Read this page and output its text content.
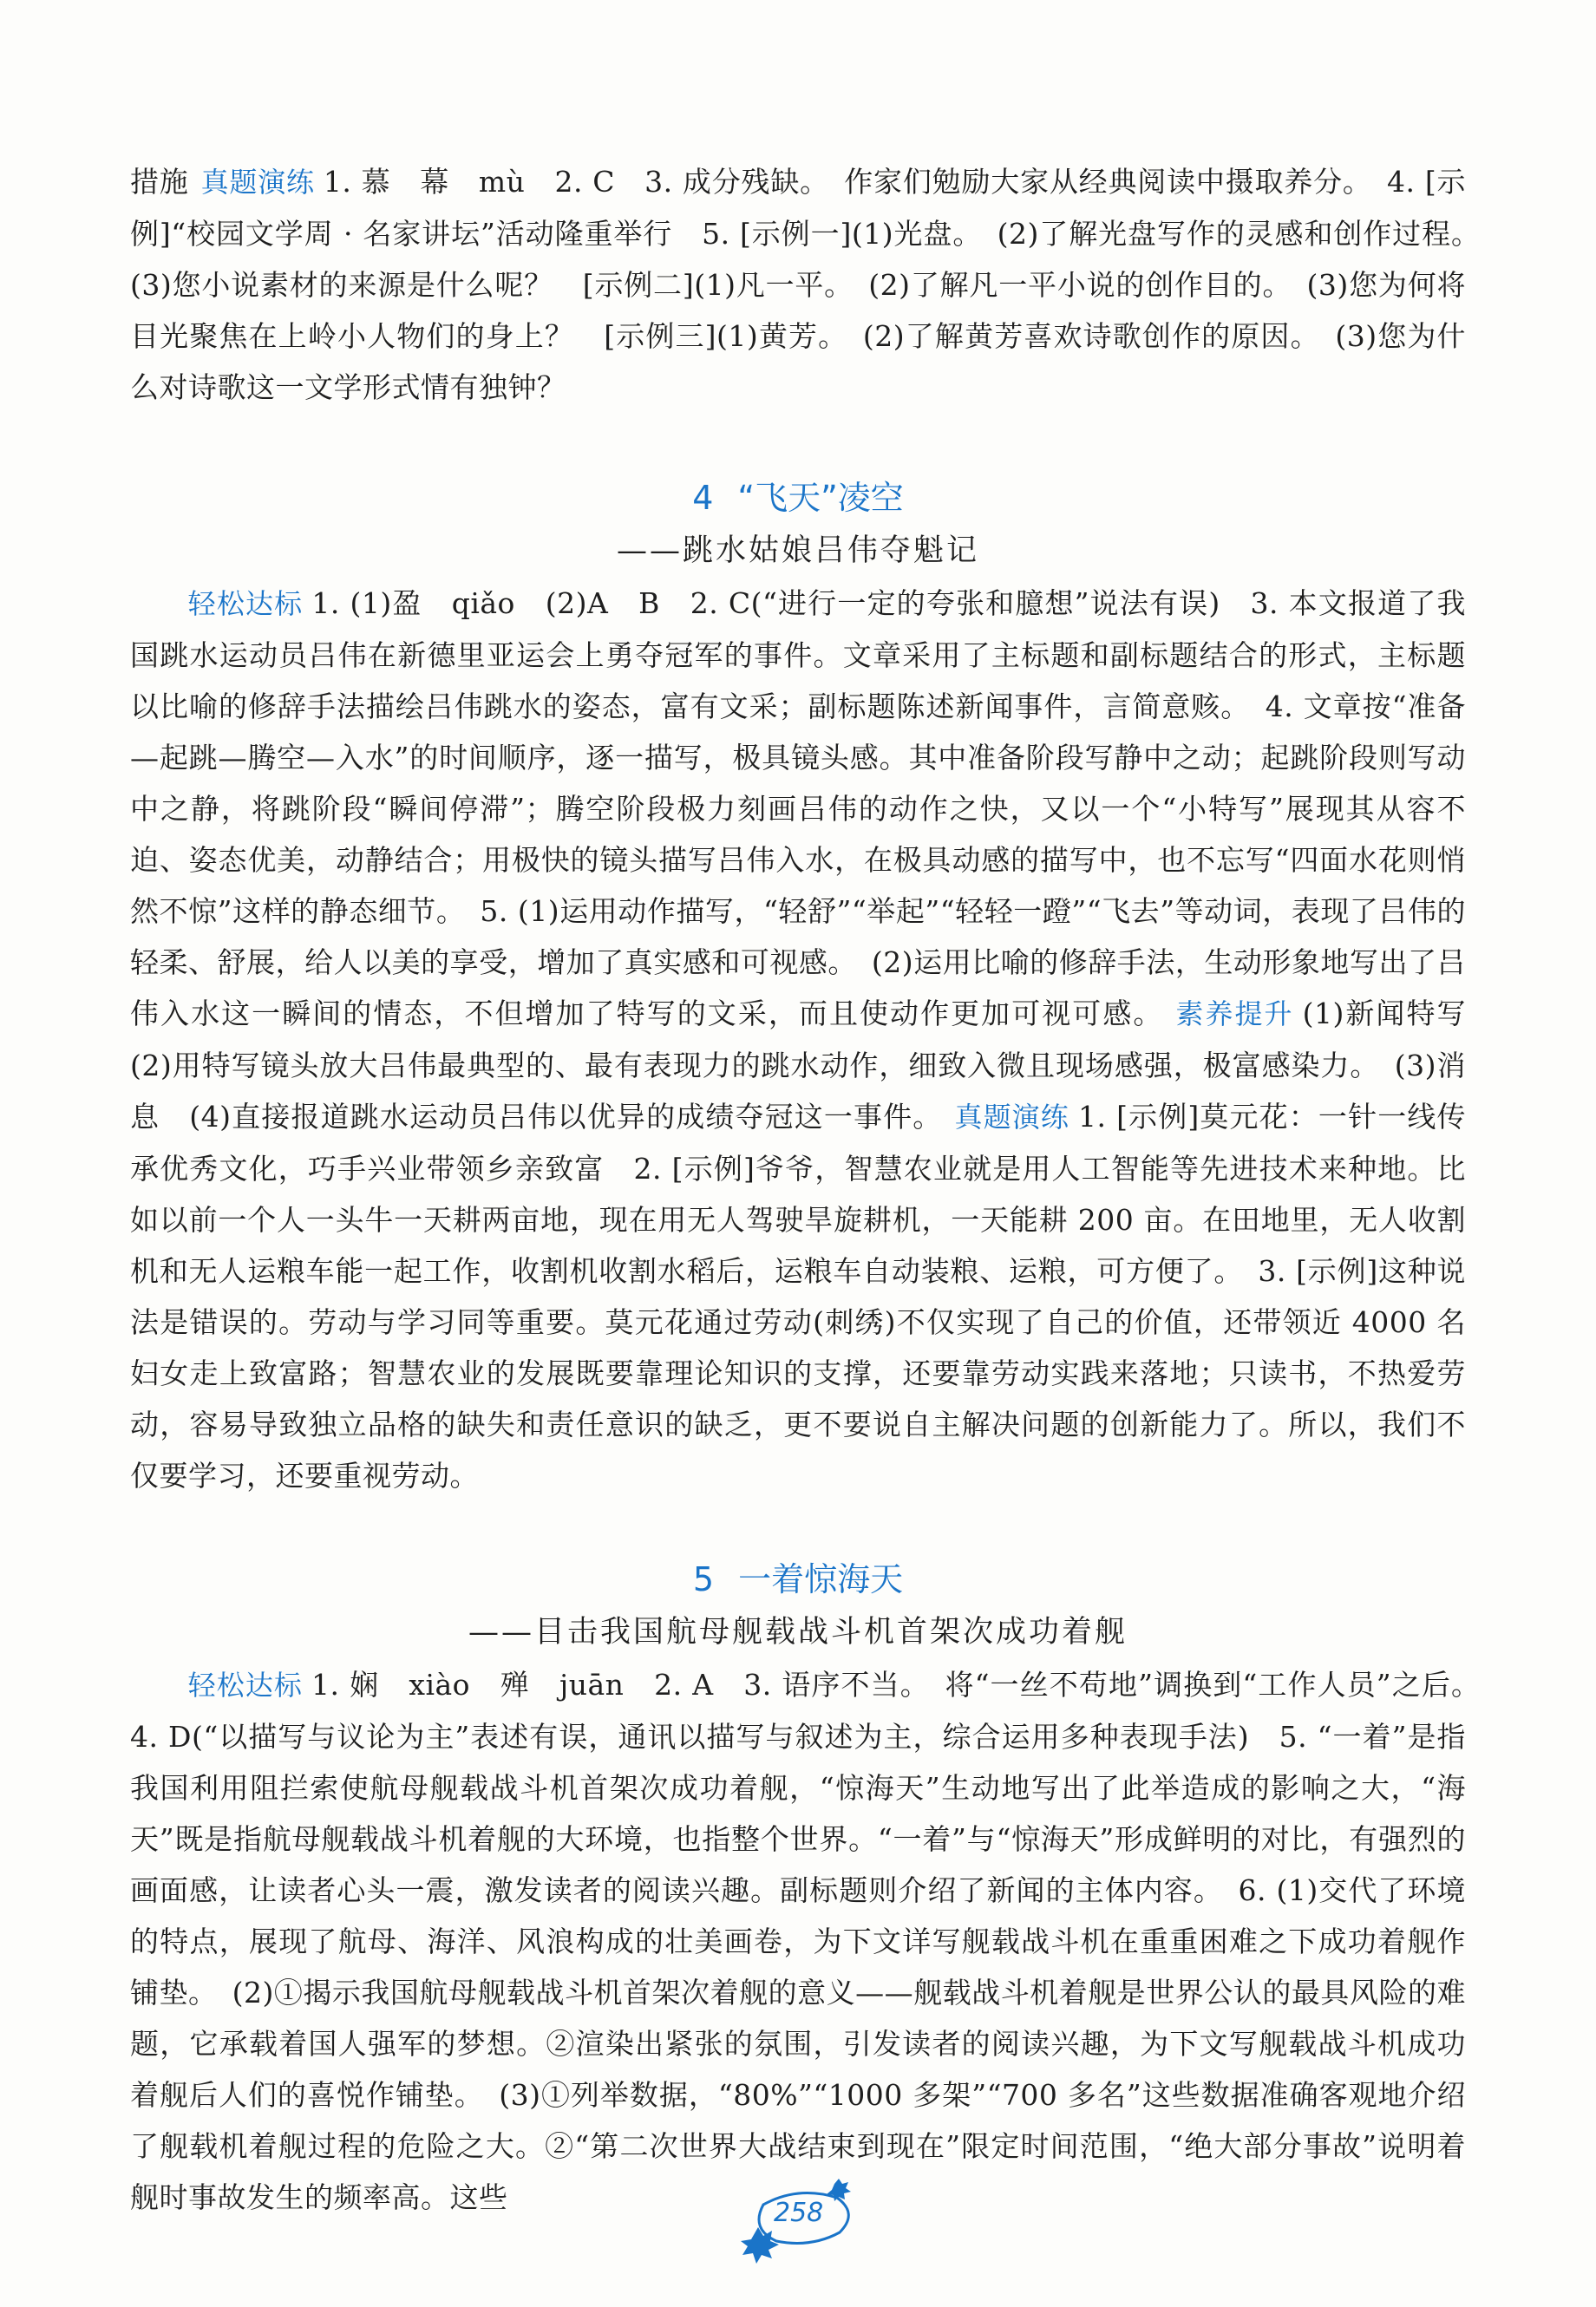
措施 真题演练 1. 慕　幕　mù　2. C　3. 成分残缺。　作家们勉励大家从经典阅读中摄取养分。　4. [示例]“校园文学周 · 名家讲坛”活动隆重举行　5. [示例一](1)光盘。　(2)了解光盘写作的灵感和创作过程。　(3)您小说素材的来源是什么呢？　[示例二](1)凡一平。　(2)了解凡一平小说的创作目的。　(3)您为何将目光聚焦在上岭小人物们的身上？　[示例三](1)黄芳。　(2)了解黄芳喜欢诗歌创作的原因。　(3)您为什么对诗歌这一文学形式情有独钟？

4 “飞天”凌空

——跳水姑娘吕伟夺魁记

轻松达标 1. (1)盈　qiǎo　(2)A　B　2. C(“进行一定的夸张和臆想”说法有误)　3. 本文报道了我国跳水运动员吕伟在新德里亚运会上勇夺冠军的事件。文章采用了主标题和副标题结合的形式，主标题以比喻的修辞手法描绘吕伟跳水的姿态，富有文采；副标题陈述新闻事件，言简意赅。　4. 文章按“准备—起跳—腾空—入水”的时间顺序，逐一描写，极具镜头感。其中准备阶段写静中之动；起跳阶段则写动中之静，将跳阶段“瞬间停滞”；腾空阶段极力刻画吕伟的动作之快，又以一个“小特写”展现其从容不迫、姿态优美，动静结合；用极快的镜头描写吕伟入水，在极具动感的描写中，也不忘写“四面水花则悄然不惊”这样的静态细节。　5. (1)运用动作描写，“轻舒”“举起”“轻轻一蹬”“飞去”等动词，表现了吕伟的轻柔、舒展，给人以美的享受，增加了真实感和可视感。　(2)运用比喻的修辞手法，生动形象地写出了吕伟入水这一瞬间的情态，不但增加了特写的文采，而且使动作更加可视可感。 素养提升 (1)新闻特写　(2)用特写镜头放大吕伟最典型的、最有表现力的跳水动作，细致入微且现场感强，极富感染力。　(3)消息　(4)直接报道跳水运动员吕伟以优异的成绩夺冠这一事件。 真题演练 1. [示例]莫元花：一针一线传承优秀文化，巧手兴业带领乡亲致富　2. [示例]爷爷，智慧农业就是用人工智能等先进技术来种地。比如以前一个人一头牛一天耕两亩地，现在用无人驾驶旱旋耕机，一天能耕 200 亩。在田地里，无人收割机和无人运粮车能一起工作，收割机收割水稻后，运粮车自动装粮、运粮，可方便了。　3. [示例]这种说法是错误的。劳动与学习同等重要。莫元花通过劳动(刺绣)不仅实现了自己的价值，还带领近 4000 名妇女走上致富路；智慧农业的发展既要靠理论知识的支撑，还要靠劳动实践来落地；只读书，不热爱劳动，容易导致独立品格的缺失和责任意识的缺乏，更不要说自主解决问题的创新能力了。所以，我们不仅要学习，还要重视劳动。

5 一着惊海天

——目击我国航母舰载战斗机首架次成功着舰

轻松达标 1. 娴　xiào　殚　juān　2. A　3. 语序不当。　将“一丝不苟地”调换到“工作人员”之后。　4. D(“以描写与议论为主”表述有误，通讯以描写与叙述为主，综合运用多种表现手法)　5. “一着”是指我国利用阻拦索使航母舰载战斗机首架次成功着舰，“惊海天”生动地写出了此举造成的影响之大，“海天”既是指航母舰载战斗机着舰的大环境，也指整个世界。“一着”与“惊海天”形成鲜明的对比，有强烈的画面感，让读者心头一震，激发读者的阅读兴趣。副标题则介绍了新闻的主体内容。　6. (1)交代了环境的特点，展现了航母、海洋、风浪构成的壮美画卷，为下文详写舰载战斗机在重重困难之下成功着舰作铺垫。　(2)①揭示我国航母舰载战斗机首架次着舰的意义——舰载战斗机着舰是世界公认的最具风险的难题，它承载着国人强军的梦想。②渲染出紧张的氛围，引发读者的阅读兴趣，为下文写舰载战斗机成功着舰后人们的喜悦作铺垫。　(3)①列举数据，“80%”“1000 多架”“700 多名”这些数据准确客观地介绍了舰载机着舰过程的危险之大。②“第二次世界大战结束到现在”限定时间范围，“绝大部分事故”说明着舰时事故发生的频率高。这些	258
